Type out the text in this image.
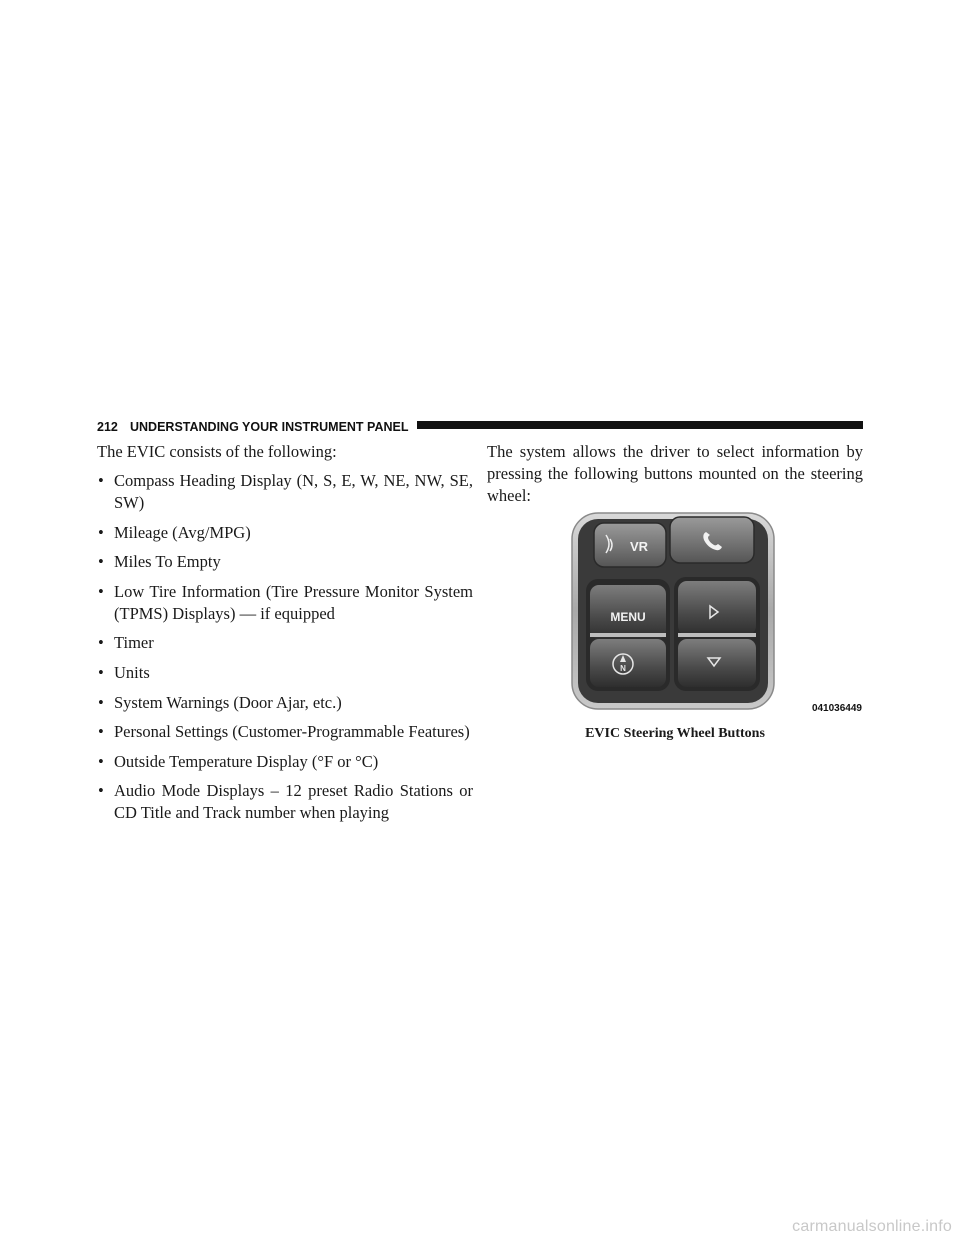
212 UNDERSTANDING YOUR INSTRUMENT PANEL

The EVIC consists of the following:

• Compass Heading Display (N, S, E, W, NE, NW, SE, SW)
• Mileage (Avg/MPG)
• Miles To Empty
• Low Tire Information (Tire Pressure Monitor System (TPMS) Displays) — if equipped
• Timer
• Units
• System Warnings (Door Ajar, etc.)
• Personal Settings (Customer-Programmable Features)
• Outside Temperature Display (°F or °C)
• Audio Mode Displays – 12 preset Radio Stations or CD Title and Track number when playing

The system allows the driver to select information by pressing the following buttons mounted on the steering wheel:

VR
MENU
N
041036449
EVIC Steering Wheel Buttons
carmanualsonline.info
